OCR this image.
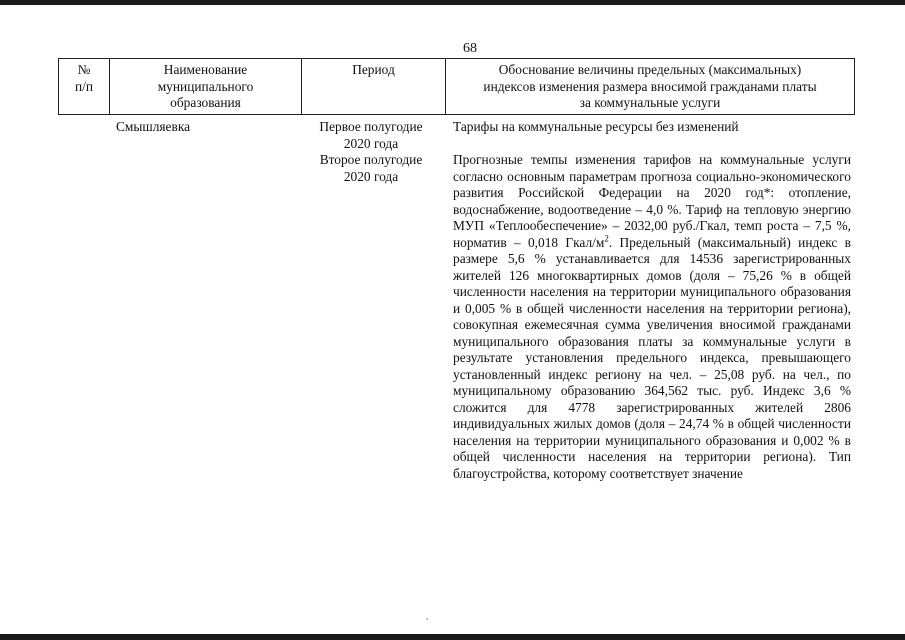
68
№
п/п
Наименование
муниципального
образования
Период	Обоснование величины предельных (максимальных)
индексов изменения размера вносимой гражданами платы
за коммунальные услуги
Смышляевка	Первое полугодие
2020 года
Второе полугодие
2020 года

Тарифы на коммунальные ресурсы без изменений

Прогнозные темпы изменения тарифов на коммунальные услуги согласно основным параметрам прогноза социально-экономического развития Российской Федерации на 2020 год*: отопление, водоснабжение, водоотведение – 4,0 %. Тариф на тепловую энергию МУП «Теплообеспечение» – 2032,00 руб./Гкал, темп роста – 7,5 %, норматив – 0,018 Гкал/$м^2$. Предельный (максимальный) индекс в размере 5,6 % устанавливается для 14536 зарегистрированных жителей 126 многоквартирных домов (доля – 75,26 % в общей численности населения на территории муниципального образования и 0,005 % в общей численности населения на территории региона), совокупная ежемесячная сумма увеличения вносимой гражданами муниципального образования платы за коммунальные услуги в результате установления предельного индекса, превышающего установленный индекс региону на чел. – 25,08 руб. на чел., по муниципальному образованию 364,562 тыс. руб. Индекс 3,6 % сложится для 4778 зарегистрированных жителей 2806 индивидуальных жилых домов (доля – 24,74 % в общей численности населения на территории муниципального образования и 0,002 % в общей численности населения на территории региона). Тип благоустройства, которому соответствует значение

,
